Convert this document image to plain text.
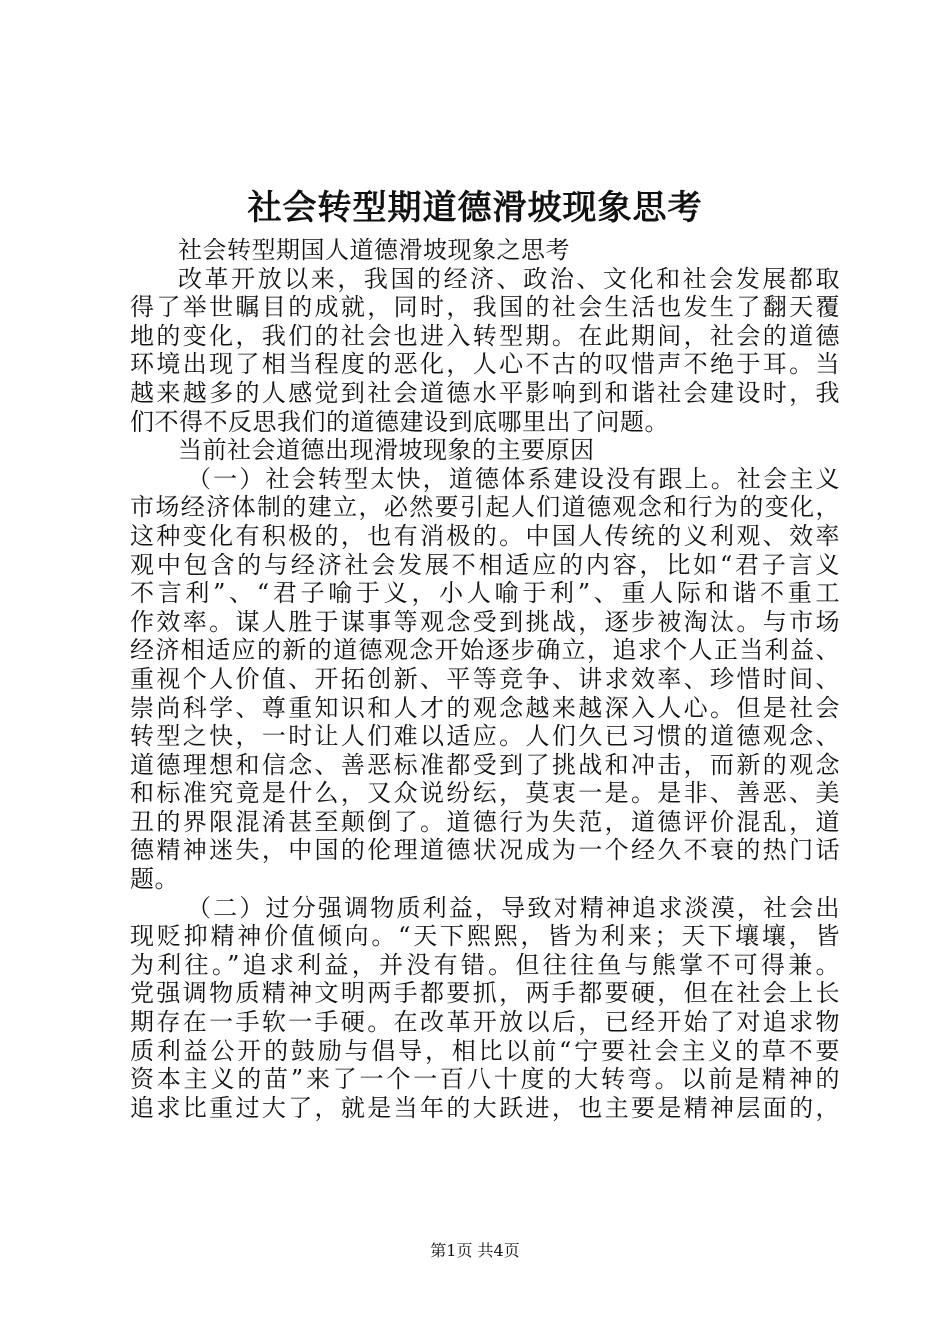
社会转型期道德滑坡现象思考
社会转型期国人道德滑坡现象之思考
改革开放以来，我国的经济、政治、文化和社会发展都取
得了举世瞩目的成就，同时，我国的社会生活也发生了翻天覆
地的变化，我们的社会也进入转型期。在此期间，社会的道德
环境出现了相当程度的恶化，人心不古的叹惜声不绝于耳。当
越来越多的人感觉到社会道德水平影响到和谐社会建设时，我
们不得不反思我们的道德建设到底哪里出了问题。
当前社会道德出现滑坡现象的主要原因
（一）社会转型太快，道德体系建设没有跟上。社会主义
市场经济体制的建立，必然要引起人们道德观念和行为的变化，
这种变化有积极的，也有消极的。中国人传统的义利观、效率
观中包含的与经济社会发展不相适应的内容，比如“君子言义
不言利”、“君子喻于义，小人喻于利”、重人际和谐不重工
作效率。谋人胜于谋事等观念受到挑战，逐步被淘汰。与市场
经济相适应的新的道德观念开始逐步确立，追求个人正当利益、
重视个人价值、开拓创新、平等竞争、讲求效率、珍惜时间、
崇尚科学、尊重知识和人才的观念越来越深入人心。但是社会
转型之快，一时让人们难以适应。人们久已习惯的道德观念、
道德理想和信念、善恶标准都受到了挑战和冲击，而新的观念
和标准究竟是什么，又众说纷纭，莫衷一是。是非、善恶、美
丑的界限混淆甚至颠倒了。道德行为失范，道德评价混乱，道
德精神迷失，中国的伦理道德状况成为一个经久不衰的热门话
题。
（二）过分强调物质利益，导致对精神追求淡漠，社会出
现贬抑精神价值倾向。“天下熙熙，皆为利来；天下壤壤，皆
为利往。”追求利益，并没有错。但往往鱼与熊掌不可得兼。
党强调物质精神文明两手都要抓，两手都要硬，但在社会上长
期存在一手软一手硬。在改革开放以后，已经开始了对追求物
质利益公开的鼓励与倡导，相比以前“宁要社会主义的草不要
资本主义的苗”来了一个一百八十度的大转弯。以前是精神的
追求比重过大了，就是当年的大跃进，也主要是精神层面的，
第1页 共4页
